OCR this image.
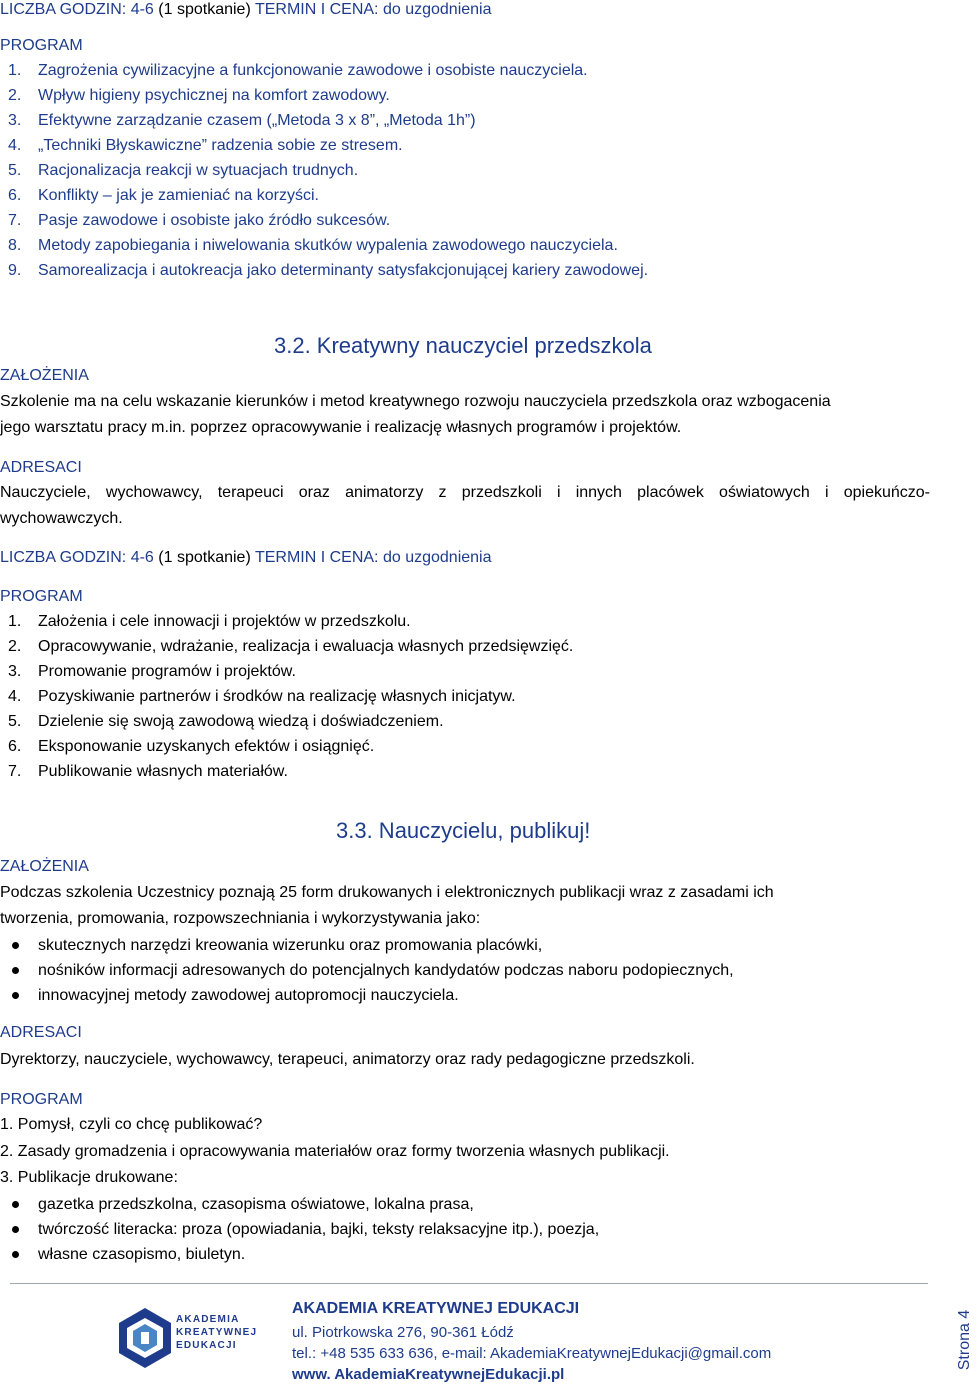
LICZBA GODZIN: 4-6 (1 spotkanie) TERMIN I CENA: do uzgodnienia
PROGRAM
1. Zagrożenia cywilizacyjne a funkcjonowanie zawodowe i osobiste nauczyciela.
2. Wpływ higieny psychicznej na komfort zawodowy.
3. Efektywne zarządzanie czasem („Metoda 3 x 8”, „Metoda 1h”)
4. „Techniki Błyskawiczne” radzenia sobie ze stresem.
5. Racjonalizacja reakcji w sytuacjach trudnych.
6. Konflikty – jak je zamieniać na korzyści.
7. Pasje zawodowe i osobiste jako źródło sukcesów.
8. Metody zapobiegania i niwelowania skutków wypalenia zawodowego nauczyciela.
9. Samorealizacja i autokreacja jako determinanty satysfakcjonującej kariery zawodowej.
3.2. Kreatywny nauczyciel przedszkola
ZAŁOŻENIA
Szkolenie ma na celu wskazanie kierunków i metod kreatywnego rozwoju nauczyciela przedszkola oraz wzbogacenia
jego warsztatu pracy m.in. poprzez opracowywanie i realizację własnych programów i projektów.
ADRESACI
Nauczyciele, wychowawcy, terapeuci oraz animatorzy z przedszkoli i innych placówek oświatowych i opiekuńczo-
wychowawczych.
LICZBA GODZIN: 4-6 (1 spotkanie) TERMIN I CENA: do uzgodnienia
PROGRAM
1. Założenia i cele innowacji i projektów w przedszkolu.
2. Opracowywanie, wdrażanie, realizacja i ewaluacja własnych przedsięwzięć.
3. Promowanie programów i projektów.
4. Pozyskiwanie partnerów i środków na realizację własnych inicjatyw.
5. Dzielenie się swoją zawodową wiedzą i doświadczeniem.
6. Eksponowanie uzyskanych efektów i osiągnięć.
7. Publikowanie własnych materiałów.
3.3. Nauczycielu, publikuj!
ZAŁOŻENIA
Podczas szkolenia Uczestnicy poznają 25 form drukowanych i elektronicznych publikacji wraz z zasadami ich
tworzenia, promowania, rozpowszechniania i wykorzystywania jako:
skutecznych narzędzi kreowania wizerunku oraz promowania placówki,
nośników informacji adresowanych do potencjalnych kandydatów podczas naboru podopiecznych,
innowacyjnej metody zawodowej autopromocji nauczyciela.
ADRESACI
Dyrektorzy, nauczyciele, wychowawcy, terapeuci, animatorzy oraz rady pedagogiczne przedszkoli.
PROGRAM
1. Pomysł, czyli co chcę publikować?
2. Zasady gromadzenia i opracowywania materiałów oraz formy tworzenia własnych publikacji.
3. Publikacje drukowane:
gazetka przedszkolna, czasopisma oświatowe, lokalna prasa,
twórczość literacka: proza (opowiadania, bajki, teksty relaksacyjne itp.), poezja,
własne czasopismo, biuletyn.
AKADEMIA
KREATYWNEJ
EDUKACJI
AKADEMIA KREATYWNEJ EDUKACJI
ul. Piotrkowska 276, 90-361 Łódź
tel.: +48 535 633 636, e-mail: AkademiaKreatywnejEdukacji@gmail.com
www. AkademiaKreatywnejEdukacji.pl
Strona 4
